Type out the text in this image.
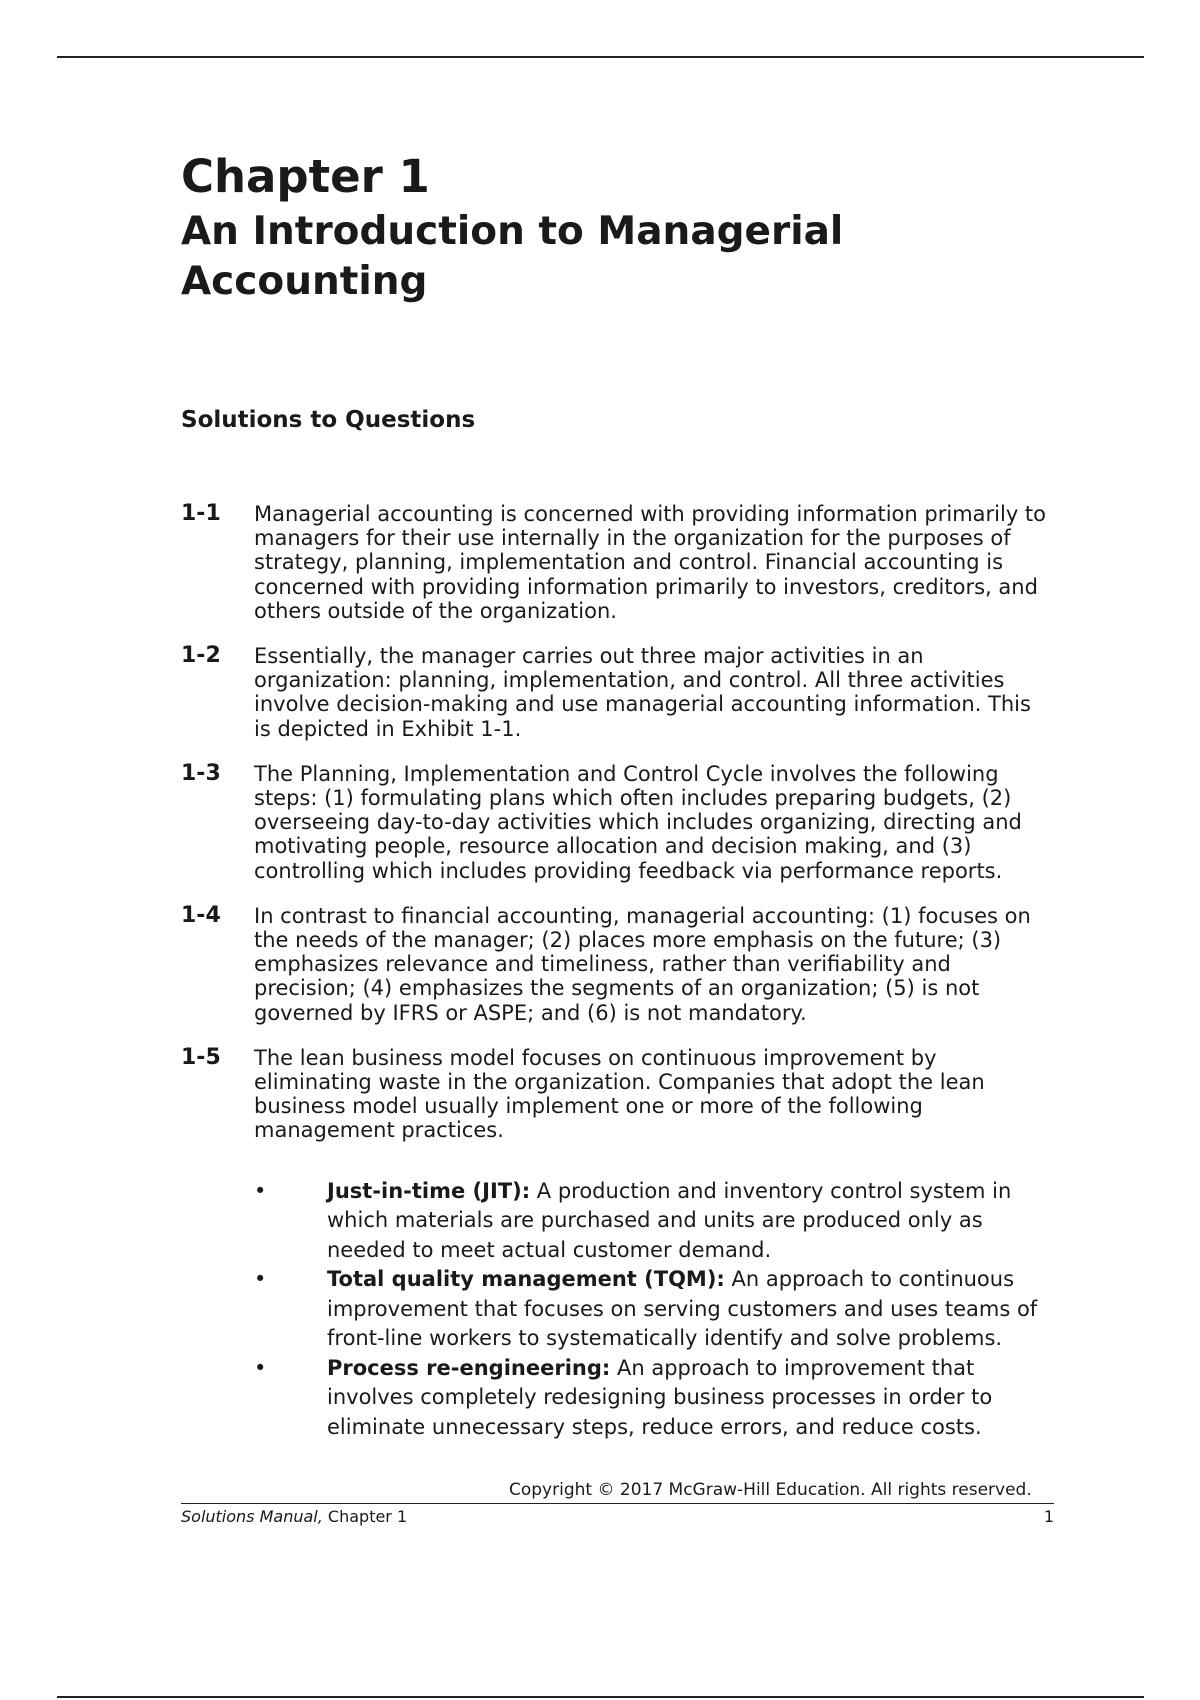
Chapter 1
An Introduction to Managerial Accounting
Solutions to Questions
1-1 Managerial accounting is concerned with providing information primarily to managers for their use internally in the organization for the purposes of strategy, planning, implementation and control. Financial accounting is concerned with providing information primarily to investors, creditors, and others outside of the organization.
1-2 Essentially, the manager carries out three major activities in an organization: planning, implementation, and control. All three activities involve decision-making and use managerial accounting information. This is depicted in Exhibit 1-1.
1-3 The Planning, Implementation and Control Cycle involves the following steps: (1) formulating plans which often includes preparing budgets, (2) overseeing day-to-day activities which includes organizing, directing and motivating people, resource allocation and decision making, and (3) controlling which includes providing feedback via performance reports.
1-4 In contrast to financial accounting, managerial accounting: (1) focuses on the needs of the manager; (2) places more emphasis on the future; (3) emphasizes relevance and timeliness, rather than verifiability and precision; (4) emphasizes the segments of an organization; (5) is not governed by IFRS or ASPE; and (6) is not mandatory.
1-5 The lean business model focuses on continuous improvement by eliminating waste in the organization. Companies that adopt the lean business model usually implement one or more of the following management practices.
•	Just-in-time (JIT): A production and inventory control system in which materials are purchased and units are produced only as needed to meet actual customer demand.
•	Total quality management (TQM): An approach to continuous improvement that focuses on serving customers and uses teams of front-line workers to systematically identify and solve problems.
•	Process re-engineering: An approach to improvement that involves completely redesigning business processes in order to eliminate unnecessary steps, reduce errors, and reduce costs.
Copyright © 2017 McGraw-Hill Education. All rights reserved.
Solutions Manual, Chapter 1	1
